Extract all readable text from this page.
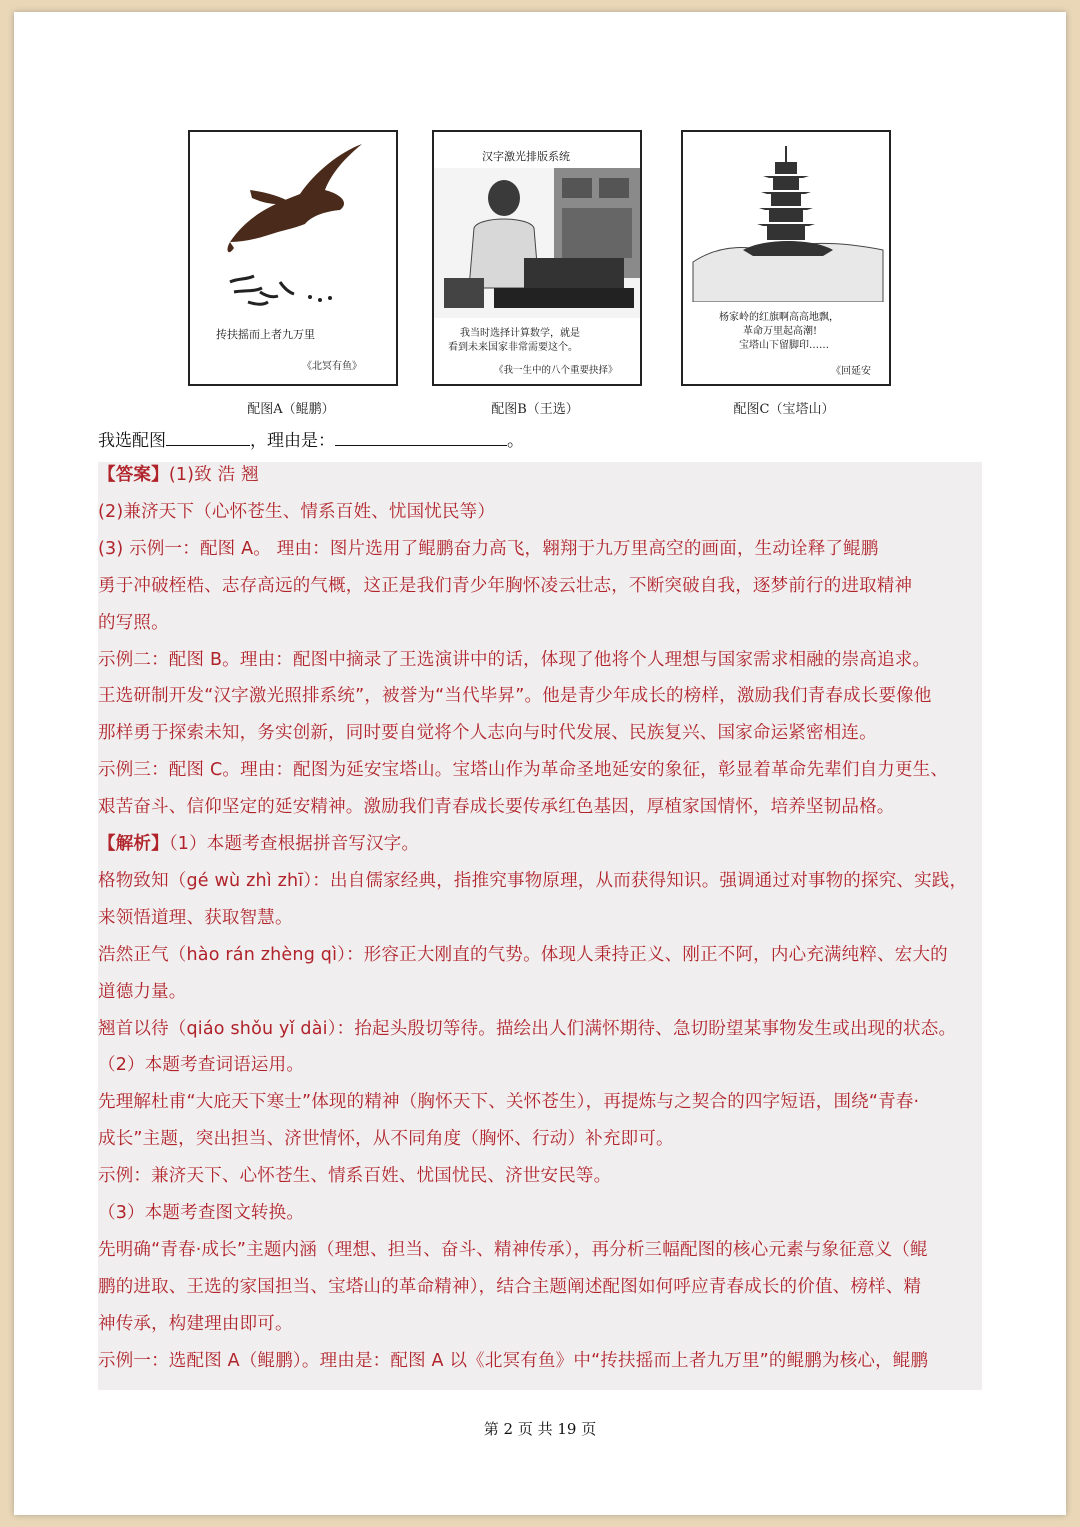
抟扶摇而上者九万里
《北冥有鱼》
汉字激光排版系统
我当时选择计算数学，就是
看到未来国家非常需要这个。
《我一生中的八个重要抉择》
杨家岭的红旗啊高高地飘，
革命万里起高潮!
宝塔山下留脚印……
《回延安
配图A（鲲鹏）	配图B（王选）	配图C（宝塔山）
我选配图	，理由是：	。
【答案】(1)致 浩 翘
(2)兼济天下（心怀苍生、情系百姓、忧国忧民等）
(3) 示例一：配图 A。 理由：图片选用了鲲鹏奋力高飞，翱翔于九万里高空的画面，生动诠释了鲲鹏
勇于冲破桎梏、志存高远的气概，这正是我们青少年胸怀凌云壮志，不断突破自我，逐梦前行的进取精神
的写照。
示例二：配图 B。理由：配图中摘录了王选演讲中的话，体现了他将个人理想与国家需求相融的崇高追求。
王选研制开发“汉字激光照排系统”，被誉为“当代毕昇”。他是青少年成长的榜样，激励我们青春成长要像他
那样勇于探索未知，务实创新，同时要自觉将个人志向与时代发展、民族复兴、国家命运紧密相连。
示例三：配图 C。理由：配图为延安宝塔山。宝塔山作为革命圣地延安的象征，彰显着革命先辈们自力更生、
艰苦奋斗、信仰坚定的延安精神。激励我们青春成长要传承红色基因，厚植家国情怀，培养坚韧品格。
【解析】（1）本题考查根据拼音写汉字。
格物致知（gé wù zhì zhī）：出自儒家经典，指推究事物原理，从而获得知识。强调通过对事物的探究、实践，
来领悟道理、获取智慧。
浩然正气（hào rán zhèng qì）：形容正大刚直的气势。体现人秉持正义、刚正不阿，内心充满纯粹、宏大的
道德力量。
翘首以待（qiáo shǒu yǐ dài）：抬起头殷切等待。描绘出人们满怀期待、急切盼望某事物发生或出现的状态。
（2）本题考查词语运用。
先理解杜甫“大庇天下寒士”体现的精神（胸怀天下、关怀苍生），再提炼与之契合的四字短语，围绕“青春·
成长”主题，突出担当、济世情怀，从不同角度（胸怀、行动）补充即可。
示例：兼济天下、心怀苍生、情系百姓、忧国忧民、济世安民等。
（3）本题考查图文转换。
先明确“青春·成长”主题内涵（理想、担当、奋斗、精神传承），再分析三幅配图的核心元素与象征意义（鲲
鹏的进取、王选的家国担当、宝塔山的革命精神），结合主题阐述配图如何呼应青春成长的价值、榜样、精
神传承，构建理由即可。
示例一：选配图 A（鲲鹏）。理由是：配图 A 以《北冥有鱼》中“抟扶摇而上者九万里”的鲲鹏为核心，鲲鹏
第 2 页 共 19 页
